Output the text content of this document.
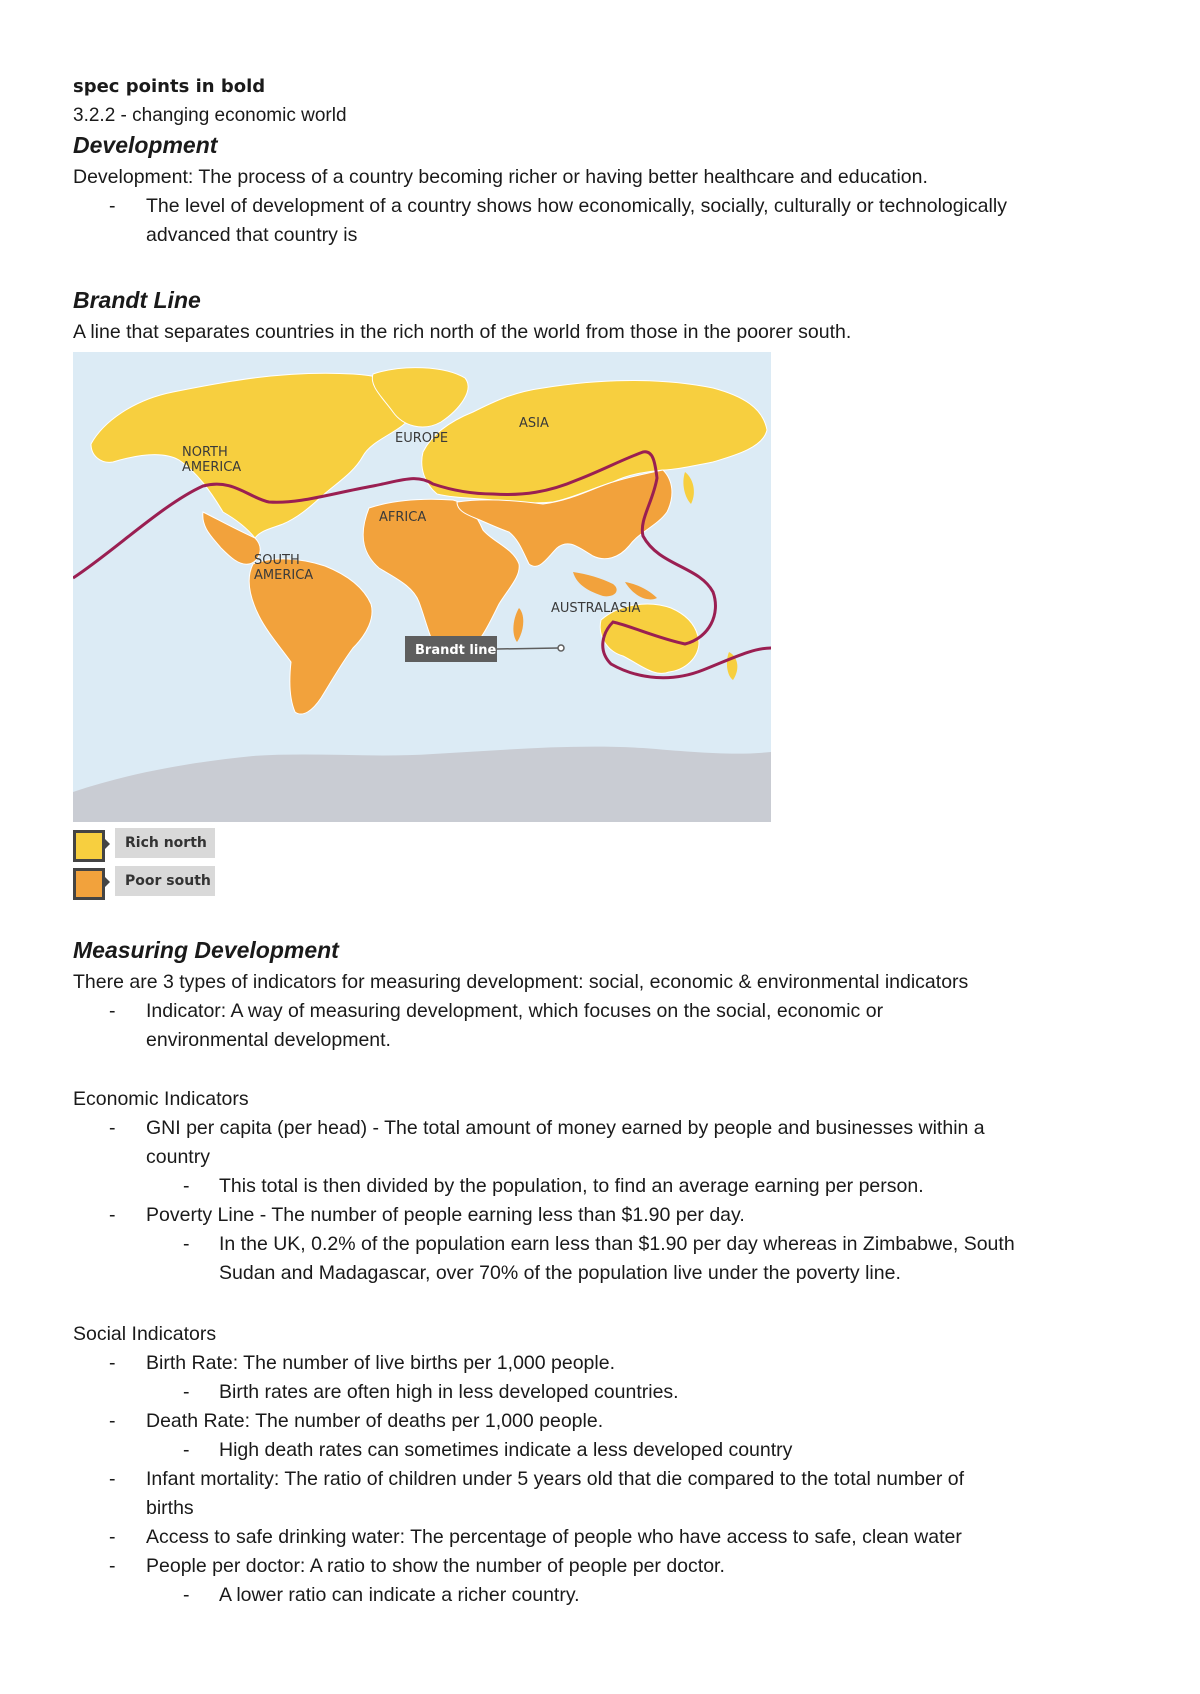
spec points in bold
3.2.2 - changing economic world
Development
Development: The process of a country becoming richer or having better healthcare and education.
- The level of development of a country shows how economically, socially, culturally or technologically
advanced that country is
Brandt Line
A line that separates countries in the rich north of the world from those in the poorer south.
NORTH
AMERICA
SOUTH
AMERICA
EUROPE
ASIA
AFRICA
AUSTRALASIA
Brandt line
Rich north
Poor south
Measuring Development
There are 3 types of indicators for measuring development: social, economic & environmental indicators
- Indicator: A way of measuring development, which focuses on the social, economic or
environmental development.
Economic Indicators
- GNI per capita (per head) - The total amount of money earned by people and businesses within a
country
- This total is then divided by the population, to find an average earning per person.
- Poverty Line - The number of people earning less than $1.90 per day.
- In the UK, 0.2% of the population earn less than $1.90 per day whereas in Zimbabwe, South
Sudan and Madagascar, over 70% of the population live under the poverty line.
Social Indicators
- Birth Rate: The number of live births per 1,000 people.
- Birth rates are often high in less developed countries.
- Death Rate: The number of deaths per 1,000 people.
- High death rates can sometimes indicate a less developed country
- Infant mortality: The ratio of children under 5 years old that die compared to the total number of
births
- Access to safe drinking water: The percentage of people who have access to safe, clean water
- People per doctor: A ratio to show the number of people per doctor.
- A lower ratio can indicate a richer country.
